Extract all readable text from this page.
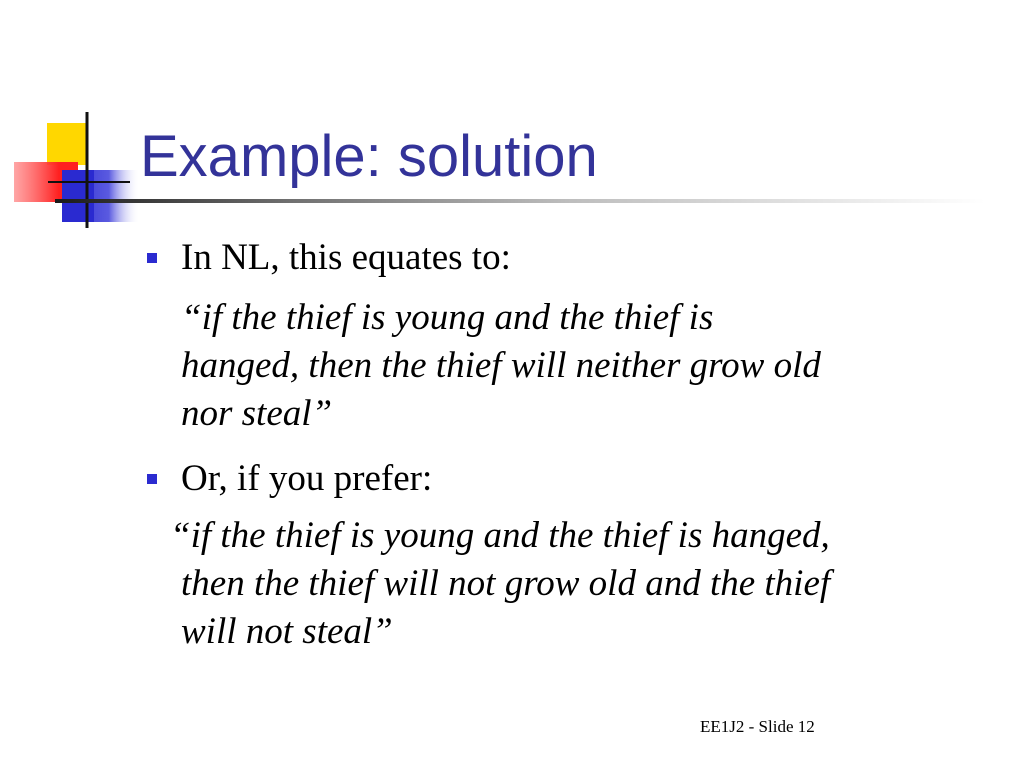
Example: solution
In NL, this equates to:
“if the thief is young and the thief is
hanged, then the thief will neither grow old
nor steal”
Or, if you prefer:
“if the thief is young and the thief is hanged,
then the thief will not grow old and the thief
will not steal”
EE1J2 - Slide 12
